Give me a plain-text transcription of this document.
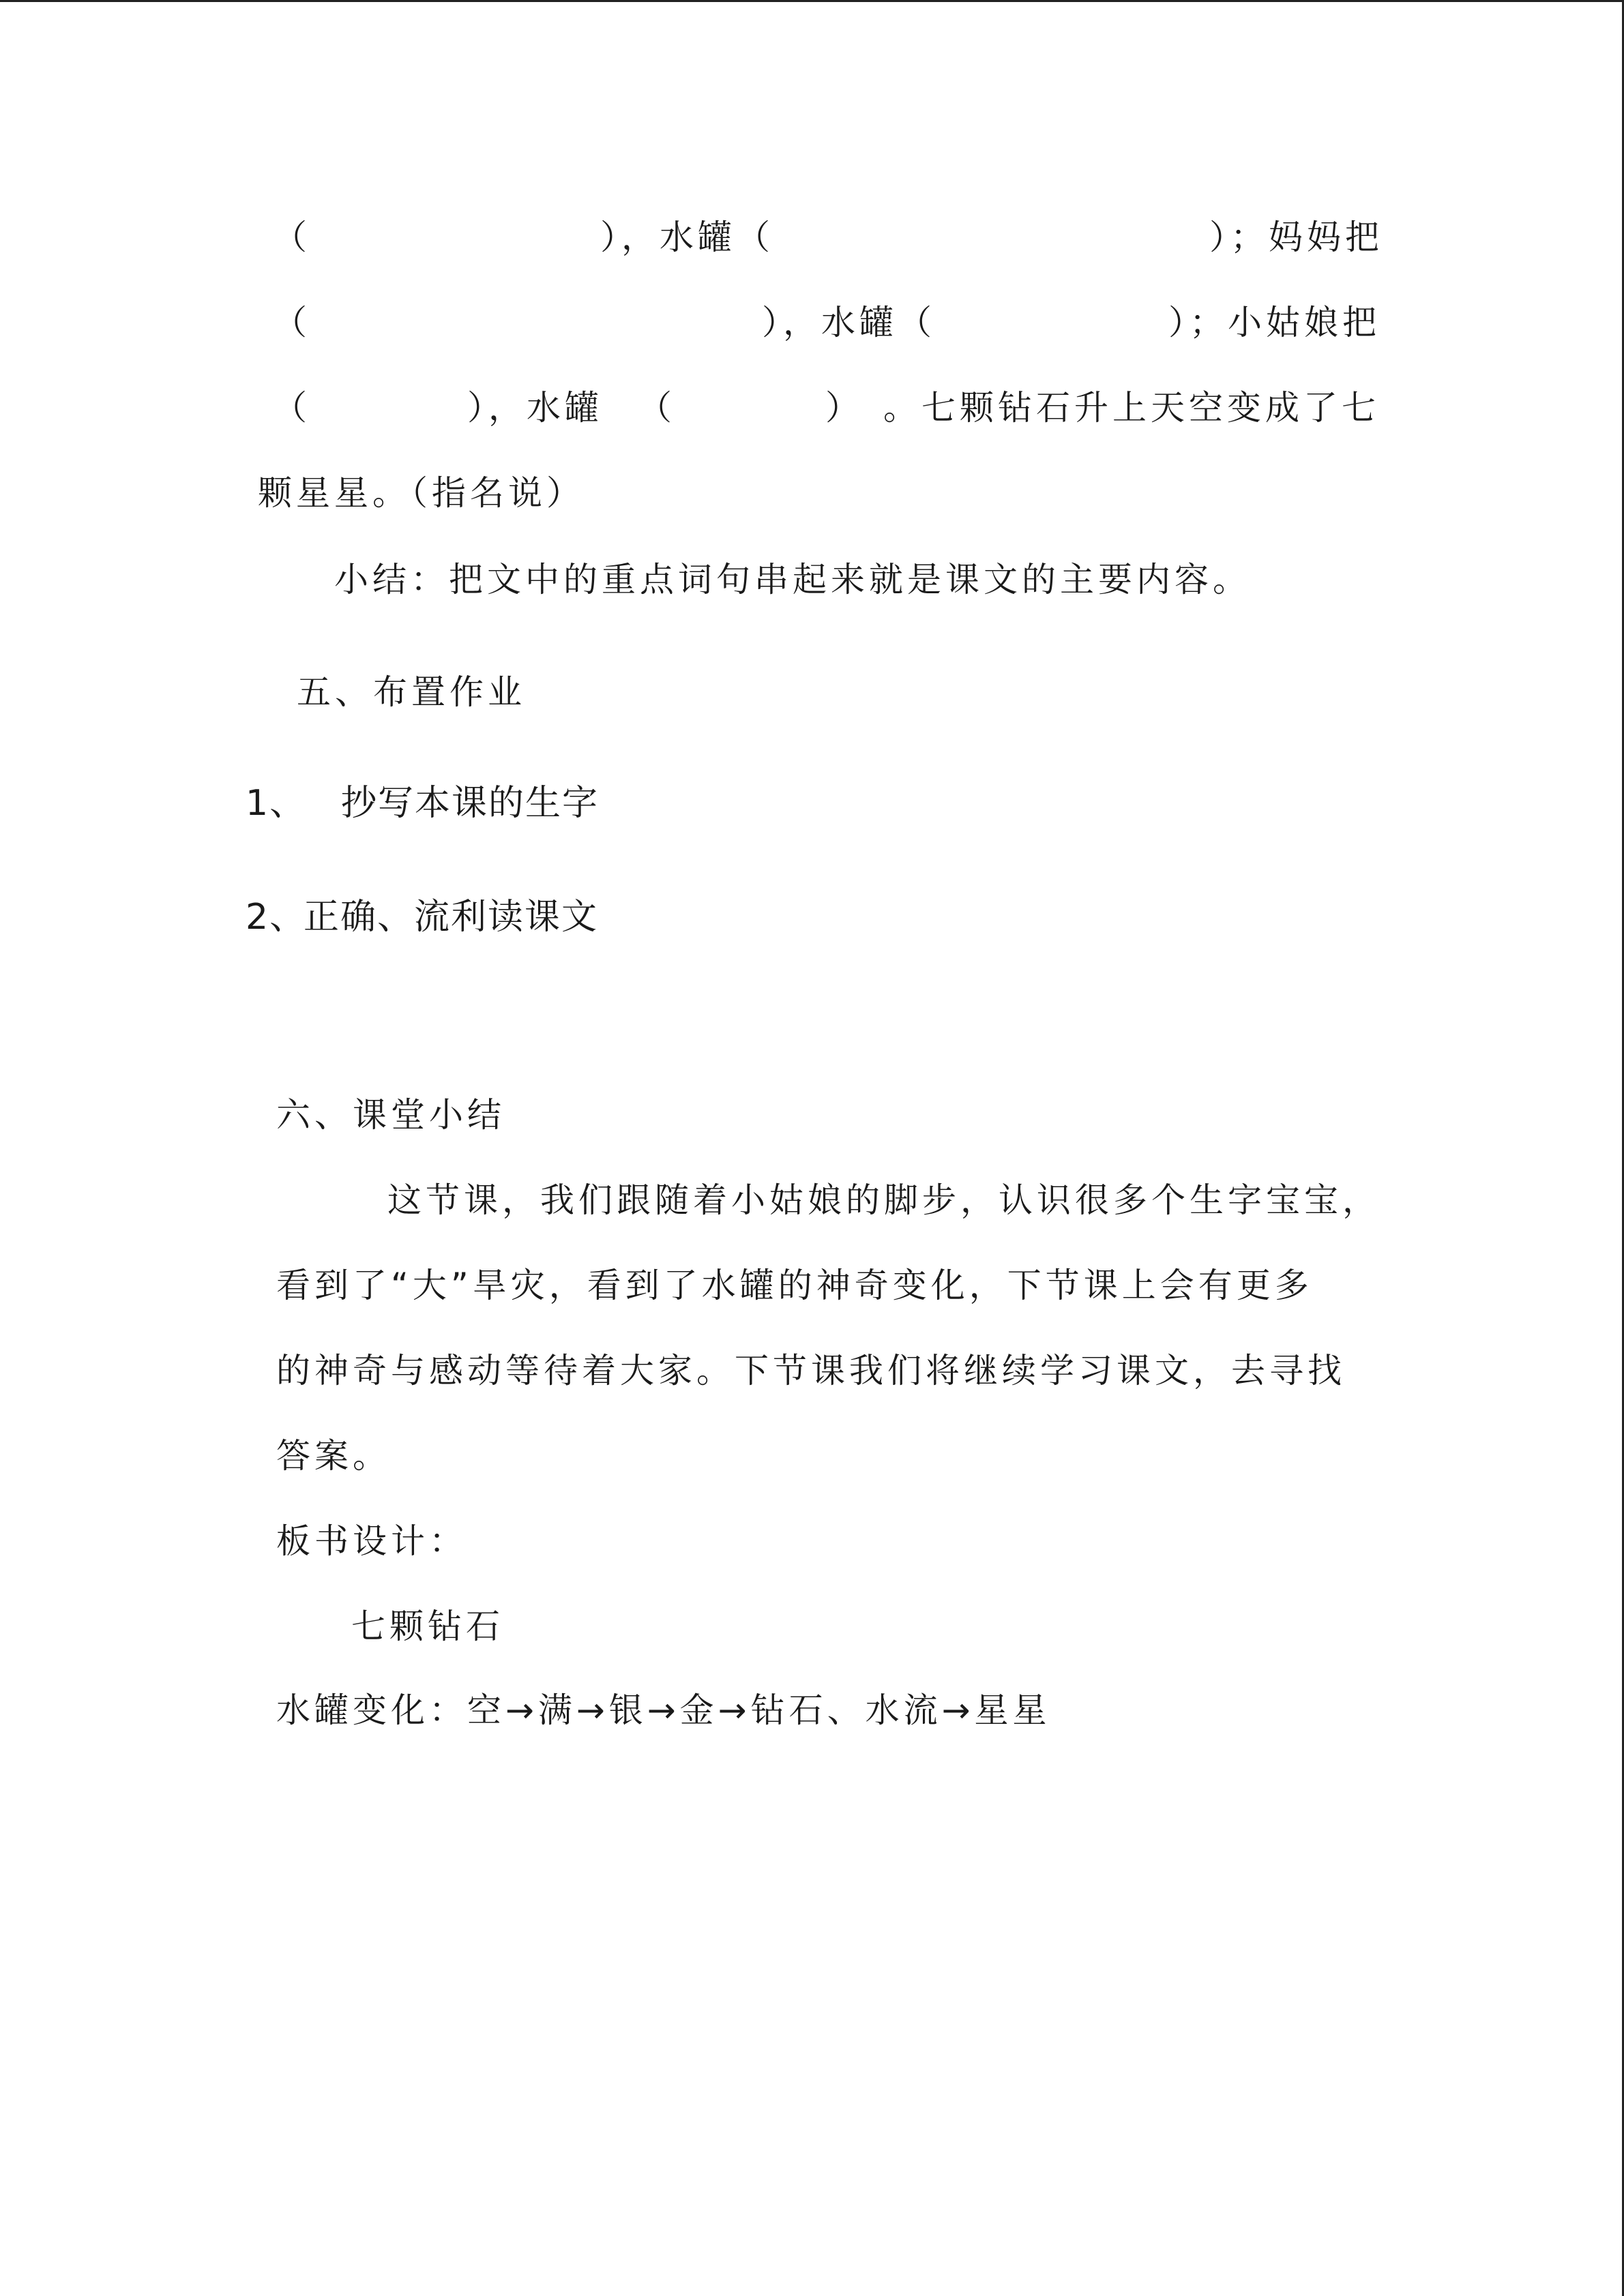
（	），水罐（	）；妈妈把
（	），水罐（	）；小姑娘把
（	），水罐 （	） 。七颗钻石升上天空变成了七
颗星星。（指名说）
小结：把文中的重点词句串起来就是课文的主要内容。
五、布置作业
1、 抄写本课的生字
2、
正确、流利读课文
六、课堂小结
这节课，我们跟随着小姑娘的脚步，认识很多个生字宝宝，
看到了“大”旱灾，看到了水罐的神奇变化，下节课上会有更多
的神奇与感动等待着大家。下节课我们将继续学习课文，去寻找
答案。
板书设计：
七颗钻石
水罐变化：空→满→银→金→钻石、水流→星星
